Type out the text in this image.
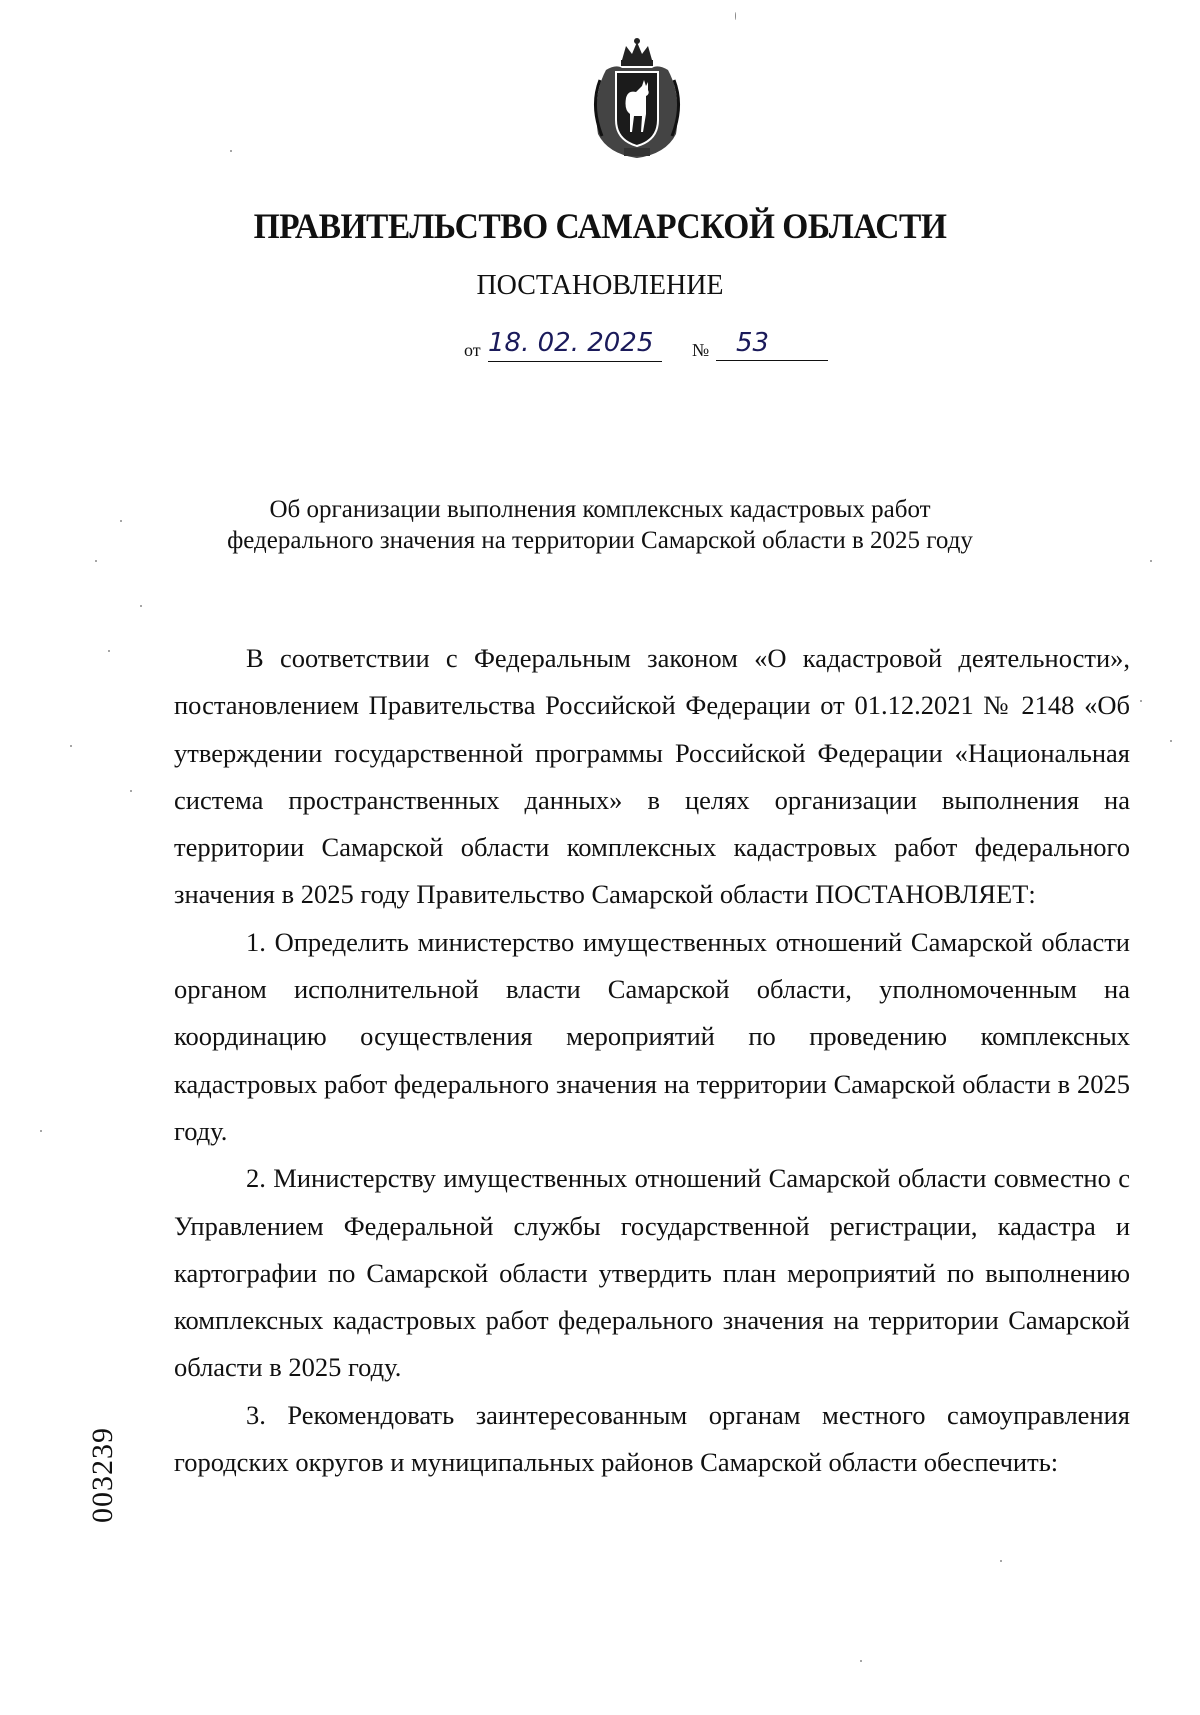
ПРАВИТЕЛЬСТВО САМАРСКОЙ ОБЛАСТИ
ПОСТАНОВЛЕНИЕ
от 18. 02. 2025	№	53
Об организации выполнения комплексных кадастровых работ
федерального значения на территории Самарской области в 2025 году

В соответствии с Федеральным законом «О кадастровой деятельности», постановлением Правительства Российской Федерации от 01.12.2021 № 2148 «Об утверждении государственной программы Российской Федерации «Национальная система пространственных данных» в целях организации выполнения на территории Самарской области комплексных кадастровых работ федерального значения в 2025 году Правительство Самарской области ПОСТАНОВЛЯЕТ:

1. Определить министерство имущественных отношений Самарской области органом исполнительной власти Самарской области, уполномоченным на координацию осуществления мероприятий по проведению комплексных кадастровых работ федерального значения на территории Самарской области в 2025 году.

2. Министерству имущественных отношений Самарской области совместно с Управлением Федеральной службы государственной регистрации, кадастра и картографии по Самарской области утвердить план мероприятий по выполнению комплексных кадастровых работ федерального значения на территории Самарской области в 2025 году.

3. Рекомендовать заинтересованным органам местного самоуправления городских округов и муниципальных районов Самарской области обеспечить:

003239
